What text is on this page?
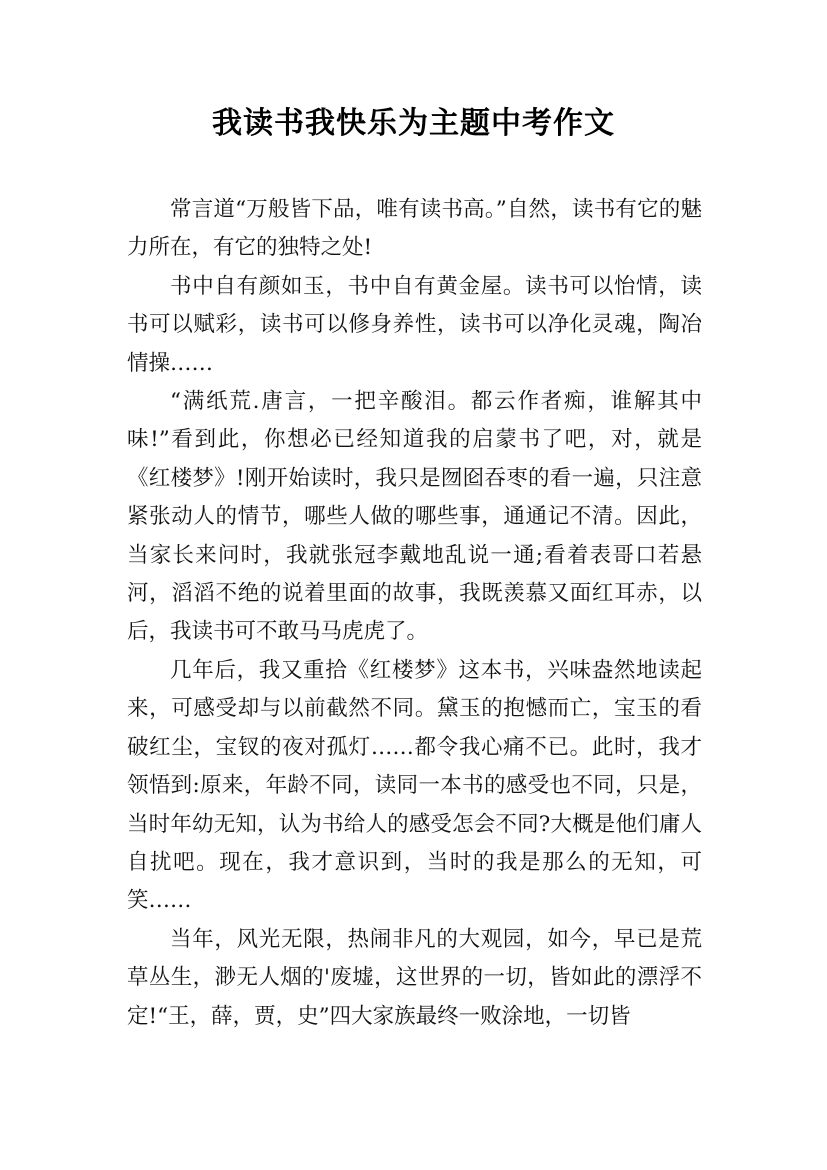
我读书我快乐为主题中考作文

常言道“万般皆下品，唯有读书高。”自然，读书有它的魅力所在，有它的独特之处!

书中自有颜如玉，书中自有黄金屋。读书可以怡情，读书可以赋彩，读书可以修身养性，读书可以净化灵魂，陶冶情操……

“满纸荒.唐言，一把辛酸泪。都云作者痴，谁解其中味!”看到此，你想必已经知道我的启蒙书了吧，对，就是《红楼梦》!刚开始读时，我只是囫囵吞枣的看一遍，只注意紧张动人的情节，哪些人做的哪些事，通通记不清。因此，当家长来问时，我就张冠李戴地乱说一通;看着表哥口若悬河，滔滔不绝的说着里面的故事，我既羡慕又面红耳赤，以后，我读书可不敢马马虎虎了。

几年后，我又重拾《红楼梦》这本书，兴味盎然地读起来，可感受却与以前截然不同。黛玉的抱憾而亡，宝玉的看破红尘，宝钗的夜对孤灯……都令我心痛不已。此时，我才领悟到:原来，年龄不同，读同一本书的感受也不同，只是，当时年幼无知，认为书给人的感受怎会不同?大概是他们庸人自扰吧。现在，我才意识到，当时的我是那么的无知，可笑……

当年，风光无限，热闹非凡的大观园，如今，早已是荒草丛生，渺无人烟的'废墟，这世界的一切，皆如此的漂浮不定!“王，薛，贾，史”四大家族最终一败涂地，一切皆
